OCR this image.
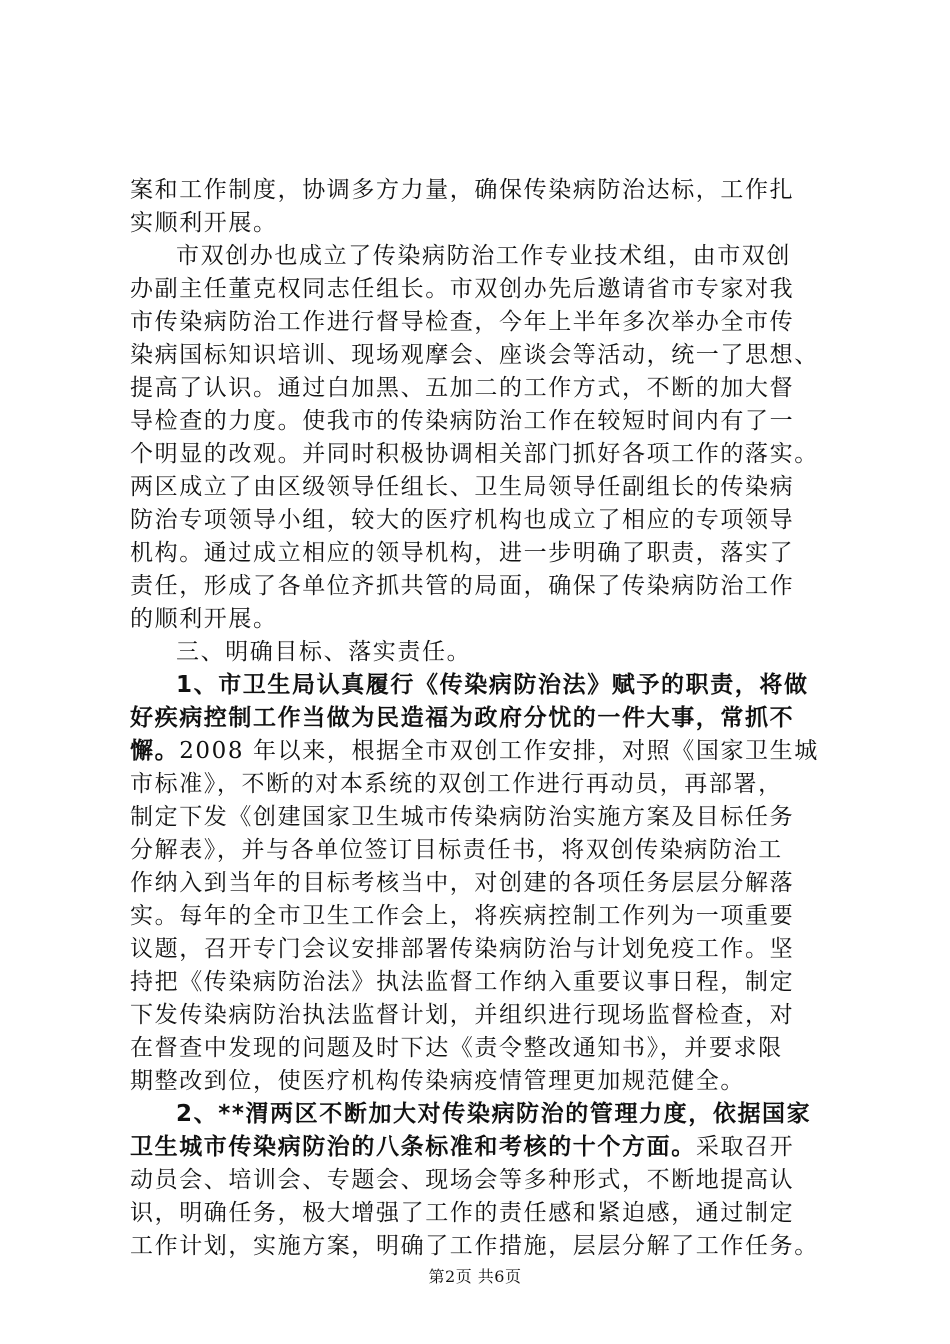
案和工作制度，协调多方力量，确保传染病防治达标，工作扎
实顺利开展。
市双创办也成立了传染病防治工作专业技术组，由市双创
办副主任董克权同志任组长。市双创办先后邀请省市专家对我
市传染病防治工作进行督导检查，今年上半年多次举办全市传
染病国标知识培训、现场观摩会、座谈会等活动，统一了思想、
提高了认识。通过白加黑、五加二的工作方式，不断的加大督
导检查的力度。使我市的传染病防治工作在较短时间内有了一
个明显的改观。并同时积极协调相关部门抓好各项工作的落实。
两区成立了由区级领导任组长、卫生局领导任副组长的传染病
防治专项领导小组，较大的医疗机构也成立了相应的专项领导
机构。通过成立相应的领导机构，进一步明确了职责，落实了
责任，形成了各单位齐抓共管的局面，确保了传染病防治工作
的顺利开展。
三、明确目标、落实责任。
1、市卫生局认真履行《传染病防治法》赋予的职责，将做
好疾病控制工作当做为民造福为政府分忧的一件大事，常抓不
懈。2008 年以来，根据全市双创工作安排，对照《国家卫生城
市标准》，不断的对本系统的双创工作进行再动员，再部署，
制定下发《创建国家卫生城市传染病防治实施方案及目标任务
分解表》，并与各单位签订目标责任书，将双创传染病防治工
作纳入到当年的目标考核当中，对创建的各项任务层层分解落
实。每年的全市卫生工作会上，将疾病控制工作列为一项重要
议题，召开专门会议安排部署传染病防治与计划免疫工作。坚
持把《传染病防治法》执法监督工作纳入重要议事日程，制定
下发传染病防治执法监督计划，并组织进行现场监督检查，对
在督查中发现的问题及时下达《责令整改通知书》，并要求限
期整改到位，使医疗机构传染病疫情管理更加规范健全。
2、**渭两区不断加大对传染病防治的管理力度，依据国家
卫生城市传染病防治的八条标准和考核的十个方面。采取召开
动员会、培训会、专题会、现场会等多种形式，不断地提高认
识，明确任务，极大增强了工作的责任感和紧迫感，通过制定
工作计划，实施方案，明确了工作措施，层层分解了工作任务。
第2页 共6页
